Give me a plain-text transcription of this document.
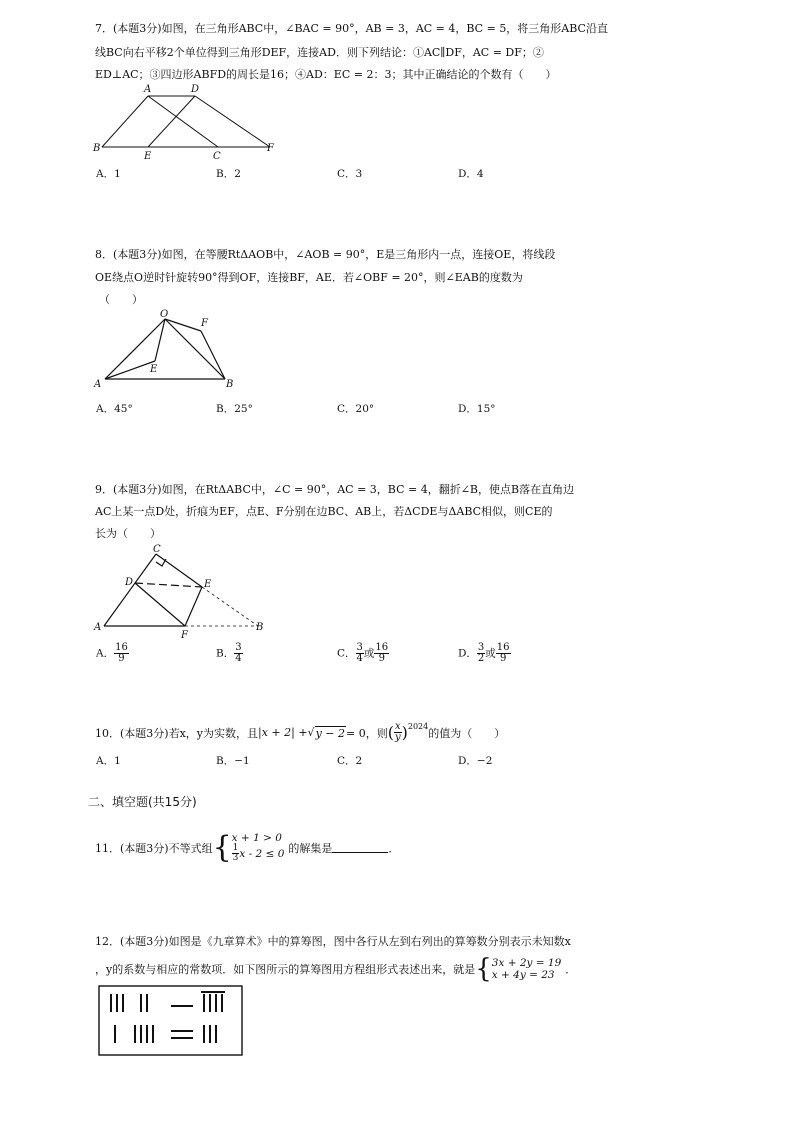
7．(本题3分)如图，在三角形ABC中，∠BAC = 90°，AB = 3，AC = 4，BC = 5，将三角形ABC沿直
线BC向右平移2个单位得到三角形DEF，连接AD．则下列结论：①AC∥DF，AC = DF；②
ED⊥AC；③四边形ABFD的周长是16；④AD：EC = 2：3；其中正确结论的个数有（　　）
A	D
B
E	C
F
A．1	B．2	C．3	D．4
8．(本题3分)如图，在等腰RtΔAOB中，∠AOB = 90°，E是三角形内一点，连接OE，将线段
OE绕点O逆时针旋转90°得到OF，连接BF，AE．若∠OBF = 20°，则∠EAB的度数为
（　　）
O
F
E
A	B
A．45°	B．25°	C．20°	D．15°
9．(本题3分)如图，在RtΔABC中，∠C = 90°，AC = 3，BC = 4，翻折∠B，使点B落在直角边
AC上某一点D处，折痕为EF，点E、F分别在边BC、AB上，若ΔCDE与ΔABC相似，则CE的
长为（　　）
C
D	E
A
F
B
A． $\frac{16}{9}$	B． $\frac{3}{4}$	C． $\frac{3}{4}$ 或 $\frac{16}{9}$	D． $\frac{3}{2}$ 或 $\frac{16}{9}$
10．(本题3分)若x，y为实数，且 |x + 2| + √ y − 2 = 0，则 ( $\frac{x}{y} )^{2024}$ 的值为（　　）
A．1	B．−1	C．2	D．−2
二、填空题(共15分)
11．(本题3分)不等式组 { x + 1 > 0
$\frac{1}{3}$ x - 2 ≤ 0 的解集是	．
12．(本题3分)如图是《九章算术》中的算筹图，图中各行从左到右列出的算筹数分别表示未知数x
，y的系数与相应的常数项．如下图所示的算筹图用方程组形式表述出来，就是 { 3x + 2y = 19
x + 4y = 23 ．
